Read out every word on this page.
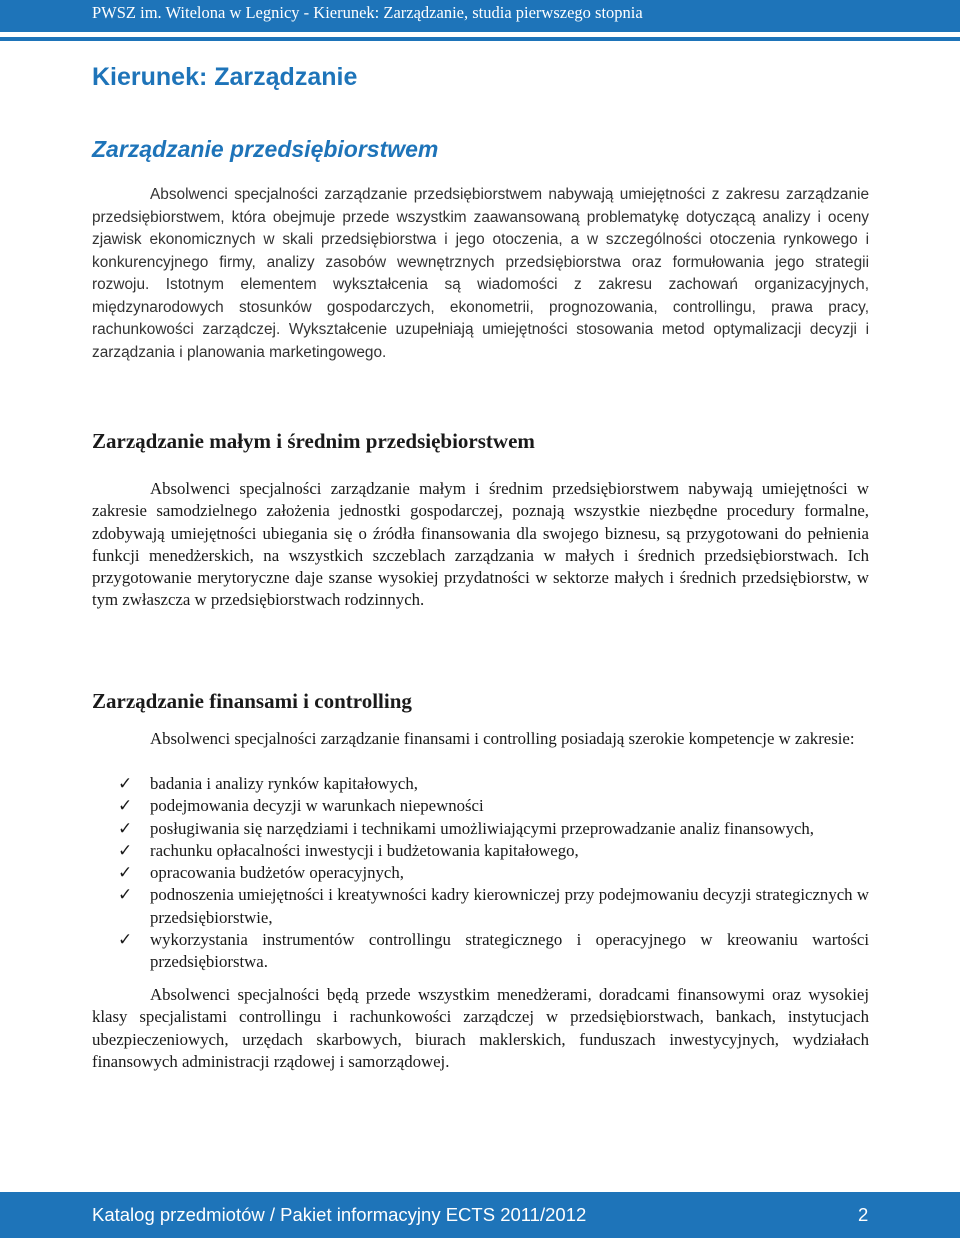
PWSZ im. Witelona w Legnicy - Kierunek: Zarządzanie, studia pierwszego stopnia
Kierunek: Zarządzanie
Zarządzanie przedsiębiorstwem

Absolwenci specjalności zarządzanie przedsiębiorstwem nabywają umiejętności z zakresu zarządzanie przedsiębiorstwem, która obejmuje przede wszystkim zaawansowaną problematykę dotyczącą analizy i oceny zjawisk ekonomicznych w skali przedsiębiorstwa i jego otoczenia, a w szczególności otoczenia rynkowego i konkurencyjnego firmy, analizy zasobów wewnętrznych przedsiębiorstwa oraz formułowania jego strategii rozwoju. Istotnym elementem wykształcenia są wiadomości z zakresu zachowań organizacyjnych, międzynarodowych stosunków gospodarczych, ekonometrii, prognozowania, controllingu, prawa pracy, rachunkowości zarządczej. Wykształcenie uzupełniają umiejętności stosowania metod optymalizacji decyzji i zarządzania i planowania marketingowego.

Zarządzanie małym i średnim przedsiębiorstwem

Absolwenci specjalności zarządzanie małym i średnim przedsiębiorstwem nabywają umiejętności w zakresie samodzielnego założenia jednostki gospodarczej, poznają wszystkie niezbędne procedury formalne, zdobywają umiejętności ubiegania się o źródła finansowania dla swojego biznesu, są przygotowani do pełnienia funkcji menedżerskich, na wszystkich szczeblach zarządzania w małych i średnich przedsiębiorstwach. Ich przygotowanie merytoryczne daje szanse wysokiej przydatności w sektorze małych i średnich przedsiębiorstw, w tym zwłaszcza w przedsiębiorstwach rodzinnych.

Zarządzanie finansami i controlling

Absolwenci specjalności zarządzanie finansami i controlling posiadają szerokie kompetencje w zakresie:

✓ badania i analizy rynków kapitałowych,
✓ podejmowania decyzji w warunkach niepewności
✓ posługiwania się narzędziami i technikami umożliwiającymi przeprowadzanie analiz finansowych,
✓ rachunku opłacalności inwestycji i budżetowania kapitałowego,
✓ opracowania budżetów operacyjnych,
✓ podnoszenia umiejętności i kreatywności kadry kierowniczej przy podejmowaniu decyzji strategicznych w przedsiębiorstwie,
✓ wykorzystania instrumentów controllingu strategicznego i operacyjnego w kreowaniu wartości przedsiębiorstwa.

Absolwenci specjalności będą przede wszystkim menedżerami, doradcami finansowymi oraz wysokiej klasy specjalistami controllingu i rachunkowości zarządczej w przedsiębiorstwach, bankach, instytucjach ubezpieczeniowych, urzędach skarbowych, biurach maklerskich, funduszach inwestycyjnych, wydziałach finansowych administracji rządowej i samorządowej.

Katalog przedmiotów / Pakiet informacyjny ECTS 2011/2012	2
